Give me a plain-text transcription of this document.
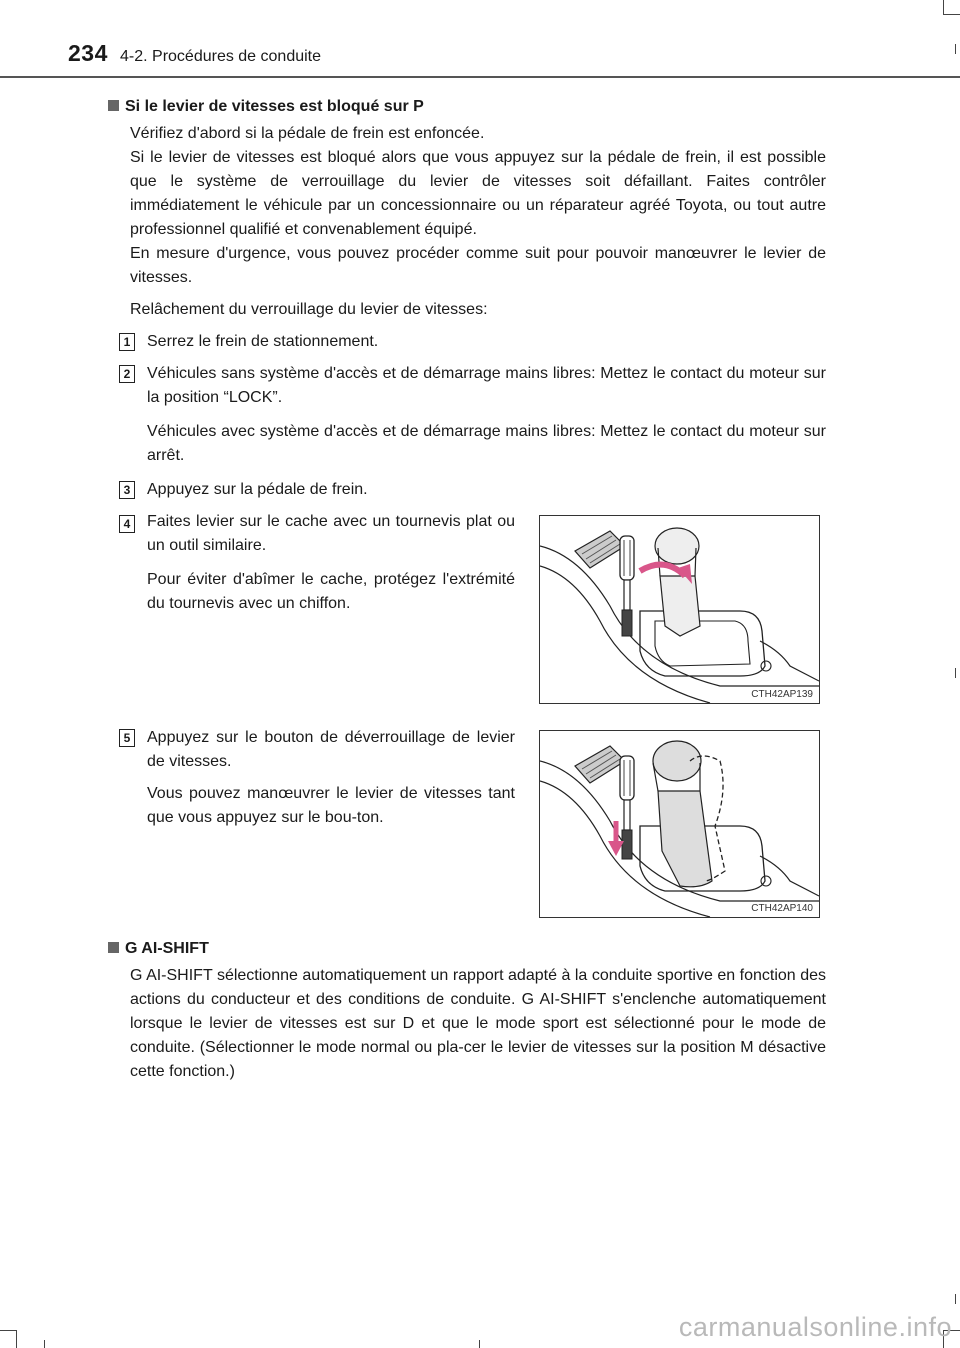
234 4-2. Procédures de conduite
Si le levier de vitesses est bloqué sur P

Vérifiez d'abord si la pédale de frein est enfoncée.

Si le levier de vitesses est bloqué alors que vous appuyez sur la pédale de frein, il est possible que le système de verrouillage du levier de vitesses soit défaillant. Faites contrôler immédiatement le véhicule par un concessionnaire ou un réparateur agréé Toyota, ou tout autre professionnel qualifié et convenablement équipé.

En mesure d'urgence, vous pouvez procéder comme suit pour pouvoir manœuvrer le levier de vitesses.

Relâchement du verrouillage du levier de vitesses:

1 Serrez le frein de stationnement.

2 Véhicules sans système d'accès et de démarrage mains libres: Mettez le contact du moteur sur la position “LOCK”.

Véhicules avec système d'accès et de démarrage mains libres: Mettez le contact du moteur sur arrêt.

3 Appuyez sur la pédale de frein.

4 Faites levier sur le cache avec un tournevis plat ou un outil similaire.

Pour éviter d'abîmer le cache, protégez l'extrémité du tournevis avec un chiffon.

CTH42AP139
5 Appuyez sur le bouton de déverrouillage de levier de vitesses.

Vous pouvez manœuvrer le levier de vitesses tant que vous appuyez sur le bou-ton.

CTH42AP140
G AI-SHIFT

G AI-SHIFT sélectionne automatiquement un rapport adapté à la conduite sportive en fonction des actions du conducteur et des conditions de conduite. G AI-SHIFT s'enclenche automatiquement lorsque le levier de vitesses est sur D et que le mode sport est sélectionné pour le mode de conduite. (Sélectionner le mode normal ou pla-cer le levier de vitesses sur la position M désactive cette fonction.)

carmanualsonline.info
